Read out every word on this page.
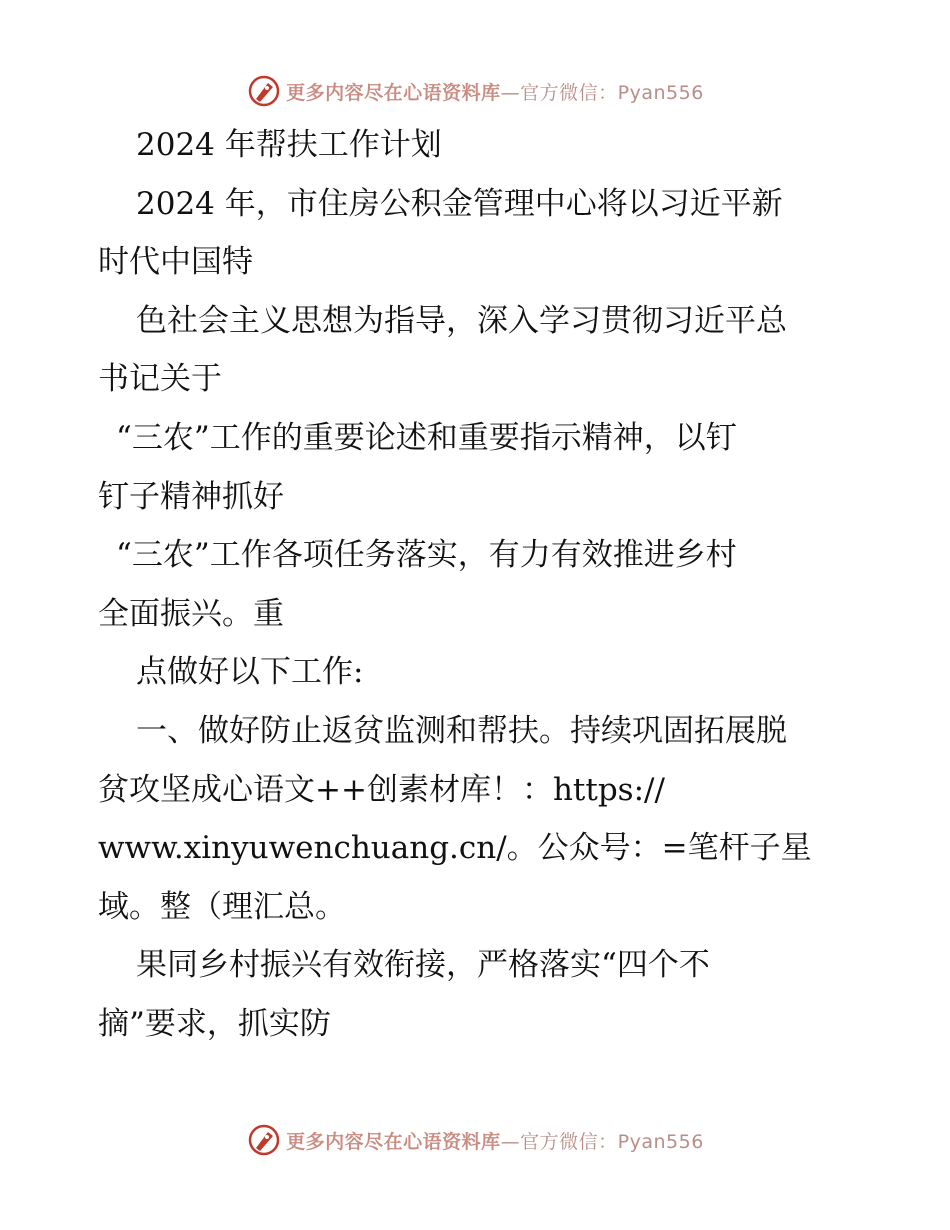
更多内容尽在心语资料库—官方微信：Pyan556
2024 年帮扶工作计划
2024 年，市住房公积金管理中心将以习近平新
时代中国特
色社会主义思想为指导，深入学习贯彻习近平总
书记关于
“三农”工作的重要论述和重要指示精神，以钉
钉子精神抓好
“三农”工作各项任务落实，有力有效推进乡村
全面振兴。重
点做好以下工作:
一、做好防止返贫监测和帮扶。持续巩固拓展脱
贫攻坚成心语文++创素材库！：https://
www.xinyuwenchuang.cn/。公众号：=笔杆子星
域。整（理汇总。
果同乡村振兴有效衔接，严格落实“四个不
摘”要求，抓实防
更多内容尽在心语资料库—官方微信：Pyan556
